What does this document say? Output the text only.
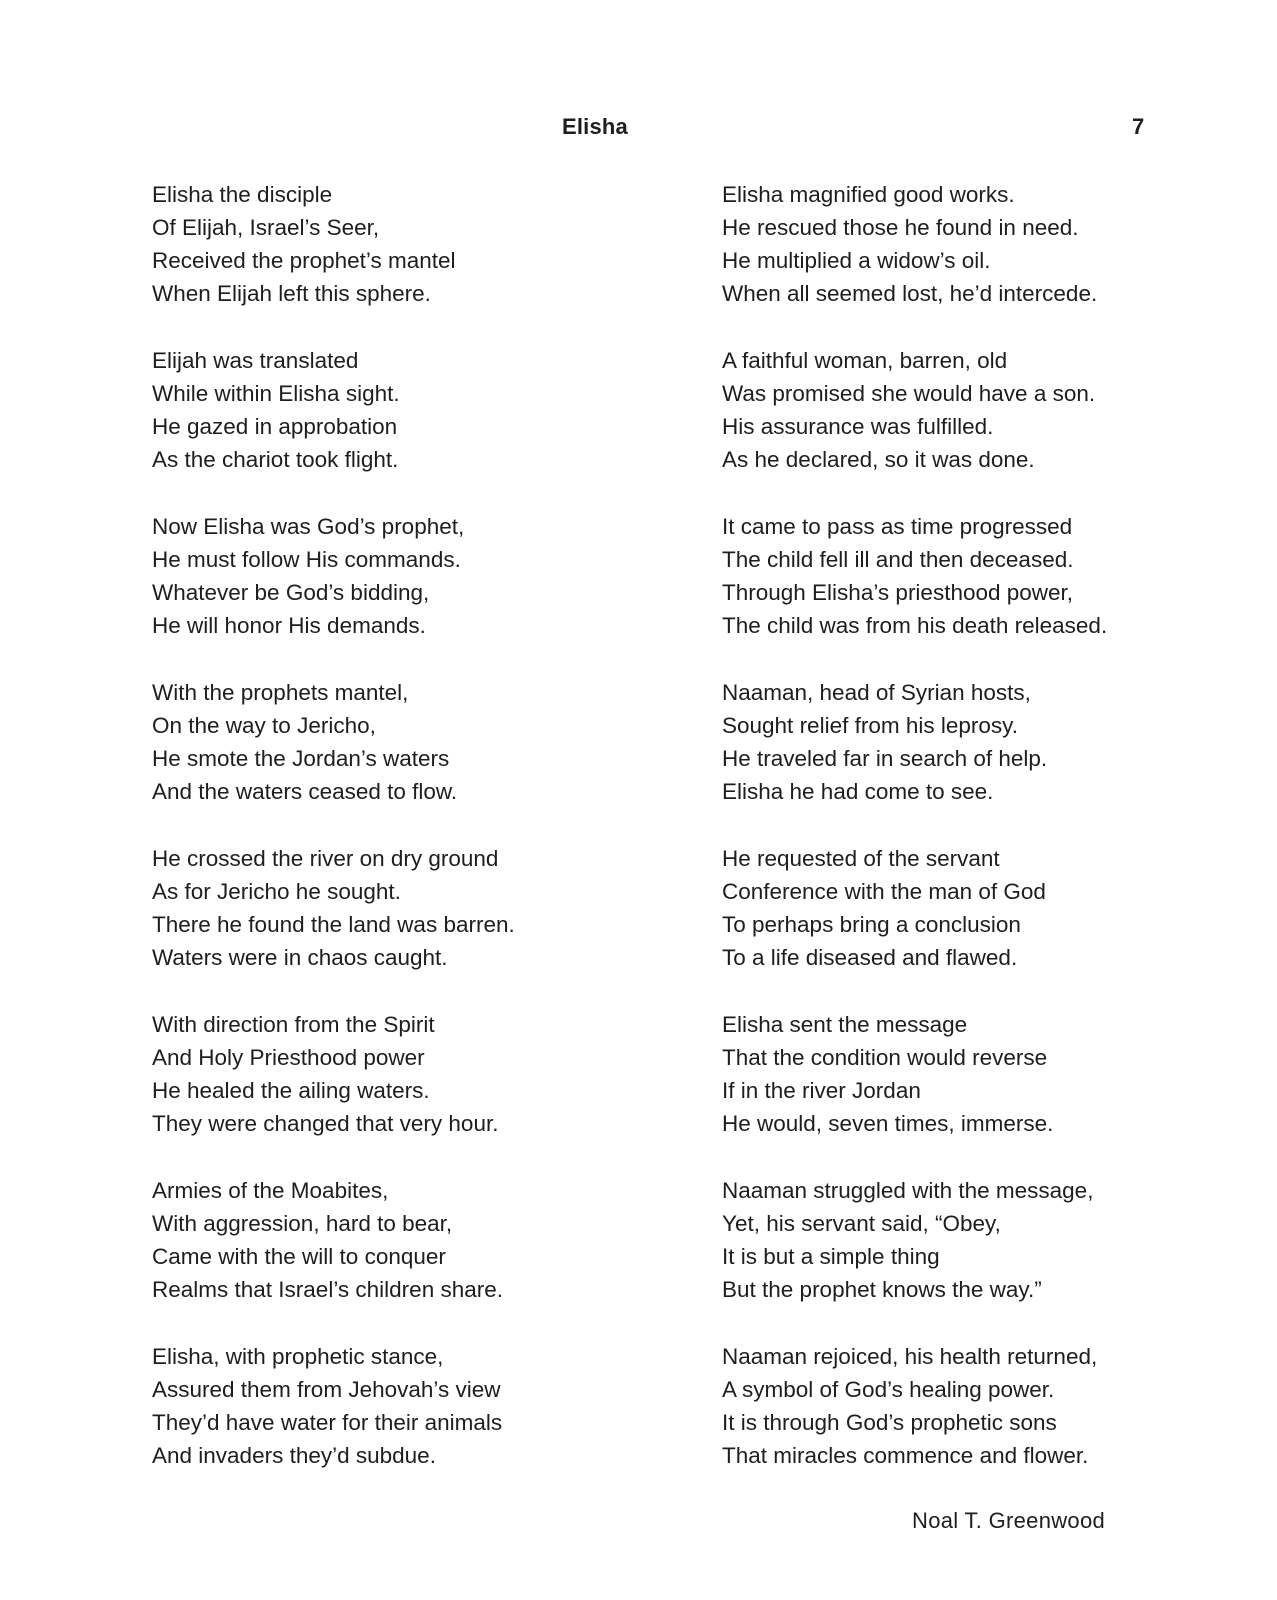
Elisha	7
Elisha the disciple
Of Elijah, Israel’s Seer,
Received the prophet’s mantel
When Elijah left this sphere.
Elijah was translated
While within Elisha sight.
He gazed in approbation
As the chariot took flight.
Now Elisha was God’s prophet,
He must follow His commands.
Whatever be God’s bidding,
He will honor His demands.
With the prophets mantel,
On the way to Jericho,
He smote the Jordan’s waters
And the waters ceased to flow.
He crossed the river on dry ground
As for Jericho he sought.
There he found the land was barren.
Waters were in chaos caught.
With direction from the Spirit
And Holy Priesthood power
He healed the ailing waters.
They were changed that very hour.
Armies of the Moabites,
With aggression, hard to bear,
Came with the will to conquer
Realms that Israel’s children share.
Elisha, with prophetic stance,
Assured them from Jehovah’s view
They’d have water for their animals
And invaders they’d subdue.
Elisha magnified good works.
He rescued those he found in need.
He multiplied a widow’s oil.
When all seemed lost, he’d intercede.
A faithful woman, barren, old
Was promised she would have a son.
His assurance was fulfilled.
As he declared, so it was done.
It came to pass as time progressed
The child fell ill and then deceased.
Through Elisha’s priesthood power,
The child was from his death released.
Naaman, head of Syrian hosts,
Sought relief from his leprosy.
He traveled far in search of help.
Elisha he had come to see.
He requested of the servant
Conference with the man of God
To perhaps bring a conclusion
To a life diseased and flawed.
Elisha sent the message
That the condition would reverse
If in the river Jordan
He would, seven times, immerse.
Naaman struggled with the message,
Yet, his servant said, “Obey,
It is but a simple thing
But the prophet knows the way.”
Naaman rejoiced, his health returned,
A symbol of God’s healing power.
It is through God’s prophetic sons
That miracles commence and flower.
Noal T. Greenwood
